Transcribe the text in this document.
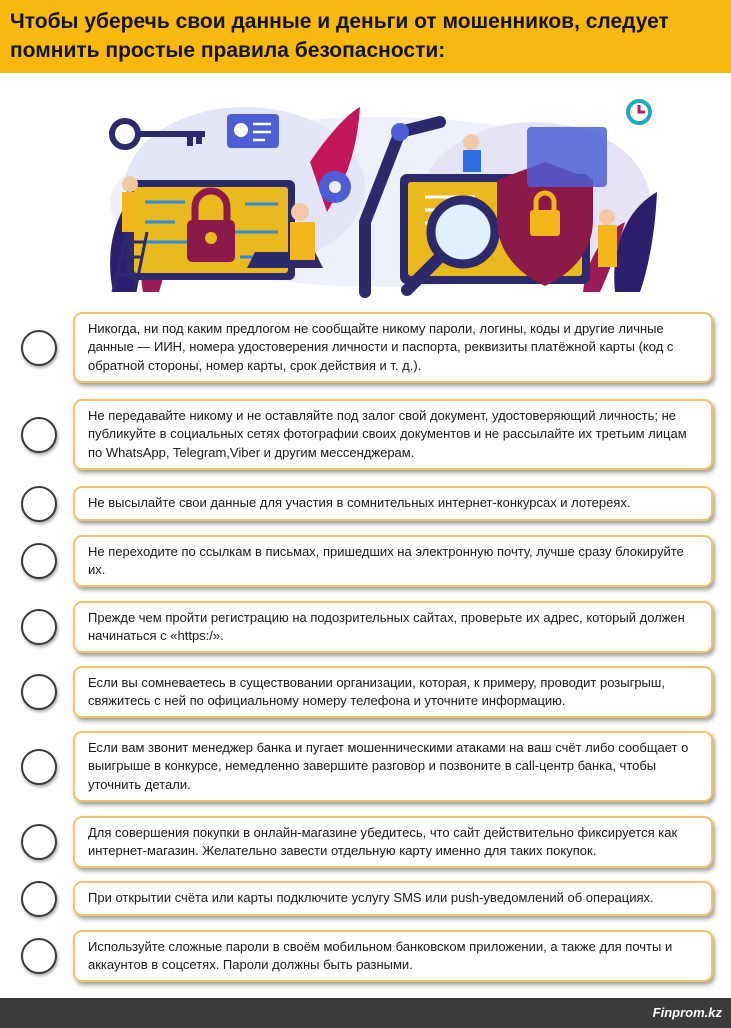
Чтобы уберечь свои данные и деньги от мошенников, следует помнить простые правила безопасности:
Никогда, ни под каким предлогом не сообщайте никому пароли, логины, коды и другие личные данные — ИИН, номера удостоверения личности и паспорта, реквизиты платёжной карты (код с обратной стороны, номер карты, срок действия и т. д.).
Не передавайте никому и не оставляйте под залог свой документ, удостоверяющий личность; не публикуйте в социальных сетях фотографии своих документов и не рассылайте их третьим лицам по WhatsApp, Telegram,Viber и другим мессенджерам.
Не высылайте свои данные для участия в сомнительных интернет-конкурсах и лотереях.
Не переходите по ссылкам в письмах, пришедших на электронную почту, лучше сразу блокируйте их.
Прежде чем пройти регистрацию на подозрительных сайтах, проверьте их адрес, который должен начинаться с «https:/».
Если вы сомневаетесь в существовании организации, которая, к примеру, проводит розыгрыш, свяжитесь с ней по официальному номеру телефона и уточните информацию.
Если вам звонит менеджер банка и пугает мошенническими атаками на ваш счёт либо сообщает о выигрыше в конкурсе, немедленно завершите разговор и позвоните в call-центр банка, чтобы уточнить детали.
Для совершения покупки в онлайн-магазине убедитесь, что сайт действительно фиксируется как интернет-магазин. Желательно завести отдельную карту именно для таких покупок.
При открытии счёта или карты подключите услугу SMS или push-уведомлений об операциях.
Используйте сложные пароли в своём мобильном банковском приложении, а также для почты и аккаунтов в соцсетях. Пароли должны быть разными.
Finprom.kz
